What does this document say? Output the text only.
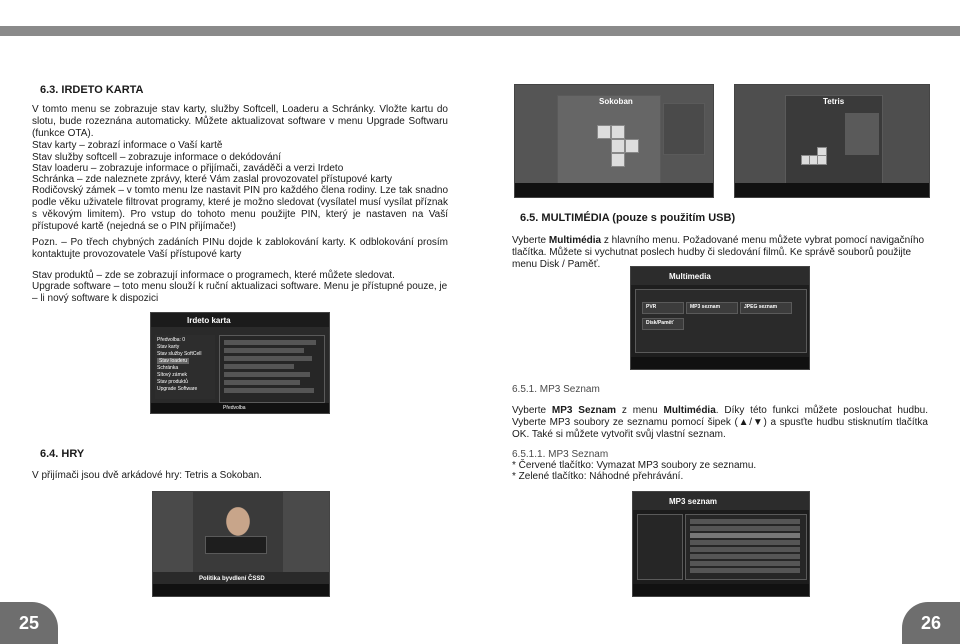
6.3. IRDETO KARTA
V tomto menu se zobrazuje stav karty, služby Softcell, Loaderu a Schránky. Vložte kartu do slotu, bude rozeznána automaticky. Můžete aktualizovat software v menu Upgrade Softwaru (funkce OTA).
Stav karty – zobrazí informace o Vaší kartě
Stav služby softcell – zobrazuje informace o dekódování
Stav loaderu – zobrazuje informace o přijímači, zaváděči a verzi Irdeto
Schránka – zde naleznete zprávy, které Vám zaslal provozovatel přístupové karty
Rodičovský zámek – v tomto menu lze nastavit PIN pro každého člena rodiny. Lze tak snadno podle věku uživatele filtrovat programy, které je možno sledovat (vysílatel musí vysílat příznak s věkovým limitem). Pro vstup do tohoto menu použijte PIN, který je nastaven na Vaší přístupové kartě (nejedná se o PIN přijímače!)
Pozn. – Po třech chybných zadáních PINu dojde k zablokování karty. K odblokování prosím kontaktujte provozovatele Vaší přístupové karty
Stav produktů – zde se zobrazují informace o programech, které můžete sledovat.
Upgrade software – toto menu slouží k ruční aktualizaci software. Menu je přístupné pouze, je – li nový software k dispozici
Irdeto karta
Předvolba: 0
Stav karty
Stav služby SoftCell
Stav loaderu
Schránka
Sítový zámek
Stav produktů
Upgrade Software
Předvolba
6.4. HRY
V přijímači jsou dvě arkádové hry: Tetris a Sokoban.
Politika byvdlení ČSSD
25
Sokoban	Tetris
6.5. MULTIMÉDIA (pouze s použitím USB)
Vyberte Multimédia z hlavního menu. Požadované menu můžete vybrat pomocí navigačního tlačítka. Můžete si vychutnat poslech hudby či sledování filmů. Ke správě souborů použijte menu Disk / Paměť.
Multimedia
PVR	MP3 seznam	JPEG seznam
Disk/Paměť
6.5.1. MP3 Seznam
Vyberte MP3 Seznam z menu Multimédia. Díky této funkci můžete poslouchat hudbu. Vyberte MP3 soubory ze seznamu pomocí šipek (▲/▼) a spusťte hudbu stisknutím tlačítka OK. Také si můžete vytvořit svůj vlastní seznam.
6.5.1.1. MP3 Seznam
* Červené tlačítko: Vymazat MP3 soubory ze seznamu.
* Zelené tlačítko: Náhodné přehrávání.
MP3 seznam
26
